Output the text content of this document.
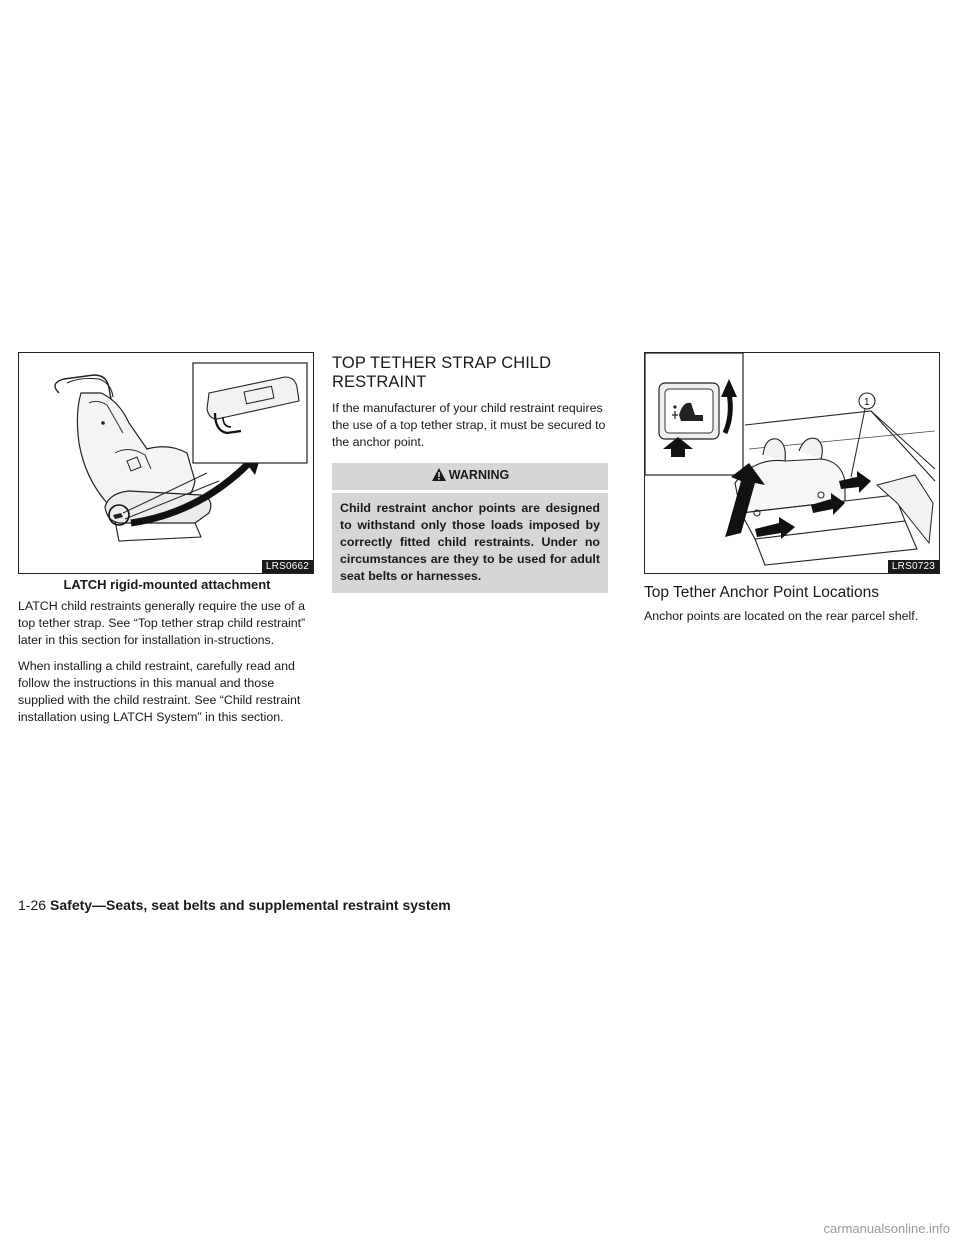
LRS0662
LATCH rigid-mounted attachment

LATCH child restraints generally require the use of a top tether strap. See “Top tether strap child restraint” later in this section for installation in-structions.

When installing a child restraint, carefully read and follow the instructions in this manual and those supplied with the child restraint. See “Child restraint installation using LATCH System” in this section.

TOP TETHER STRAP CHILD RESTRAINT

If the manufacturer of your child restraint requires the use of a top tether strap, it must be secured to the anchor point.

WARNING
Child restraint anchor points are designed to withstand only those loads imposed by correctly fitted child restraints. Under no circumstances are they to be used for adult seat belts or harnesses.
1
LRS0723
Top Tether Anchor Point Locations

Anchor points are located on the rear parcel shelf.

1-26 Safety—Seats, seat belts and supplemental restraint system
carmanualsonline.info
